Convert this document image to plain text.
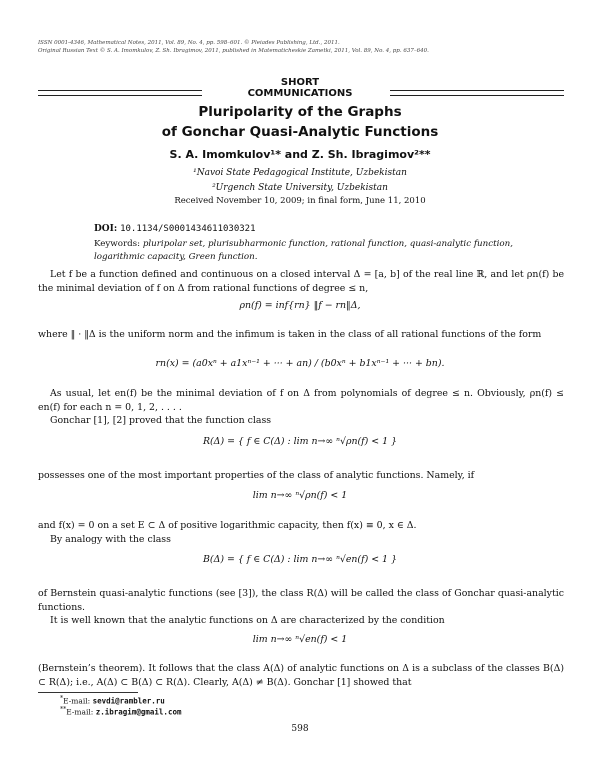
ISSN 0001-4346, Mathematical Notes, 2011, Vol. 89, No. 4, pp. 598–601. © Pleiades Publishing, Ltd., 2011.
Original Russian Text © S. A. Imomkulov, Z. Sh. Ibragimov, 2011, published in Matematicheskie Zametki, 2011, Vol. 89, No. 4, pp. 637–640.
SHORT
COMMUNICATIONS
Pluripolarity of the Graphs
of Gonchar Quasi-Analytic Functions
S. A. Imomkulov¹* and Z. Sh. Ibragimov²**
¹Navoi State Pedagogical Institute, Uzbekistan
²Urgench State University, Uzbekistan
Received November 10, 2009; in final form, June 11, 2010
DOI: 10.1134/S0001434611030321
Keywords: pluripolar set, plurisubharmonic function, rational function, quasi-analytic function, logarithmic capacity, Green function.
Let f be a function defined and continuous on a closed interval Δ = [a, b] of the real line ℝ, and let ρn(f) be the minimal deviation of f on Δ from rational functions of degree ≤ n,
ρn(f) = inf{rn} ‖f − rn‖Δ,
where ‖ · ‖Δ is the uniform norm and the infimum is taken in the class of all rational functions of the form
rn(x) = (a0xⁿ + a1xⁿ⁻¹ + ··· + an) / (b0xⁿ + b1xⁿ⁻¹ + ··· + bn).
As usual, let en(f) be the minimal deviation of f on Δ from polynomials of degree ≤ n. Obviously, ρn(f) ≤ en(f) for each n = 0, 1, 2, . . . .
Gonchar [1], [2] proved that the function class
R(Δ) = { f ∈ C(Δ) : lim n→∞ ⁿ√ρn(f) < 1 }
possesses one of the most important properties of the class of analytic functions. Namely, if
lim n→∞ ⁿ√ρn(f) < 1
and f(x) = 0 on a set E ⊂ Δ of positive logarithmic capacity, then f(x) ≡ 0, x ∈ Δ.
By analogy with the class
B(Δ) = { f ∈ C(Δ) : lim n→∞ ⁿ√en(f) < 1 }
of Bernstein quasi-analytic functions (see [3]), the class R(Δ) will be called the class of Gonchar quasi-analytic functions.
It is well known that the analytic functions on Δ are characterized by the condition
lim n→∞ ⁿ√en(f) < 1
(Bernstein’s theorem). It follows that the class A(Δ) of analytic functions on Δ is a subclass of the classes B(Δ) ⊂ R(Δ); i.e., A(Δ) ⊂ B(Δ) ⊂ R(Δ). Clearly, A(Δ) ≠ B(Δ). Gonchar [1] showed that
*E-mail: sevdi@rambler.ru
**E-mail: z.ibragim@gmail.com
598
